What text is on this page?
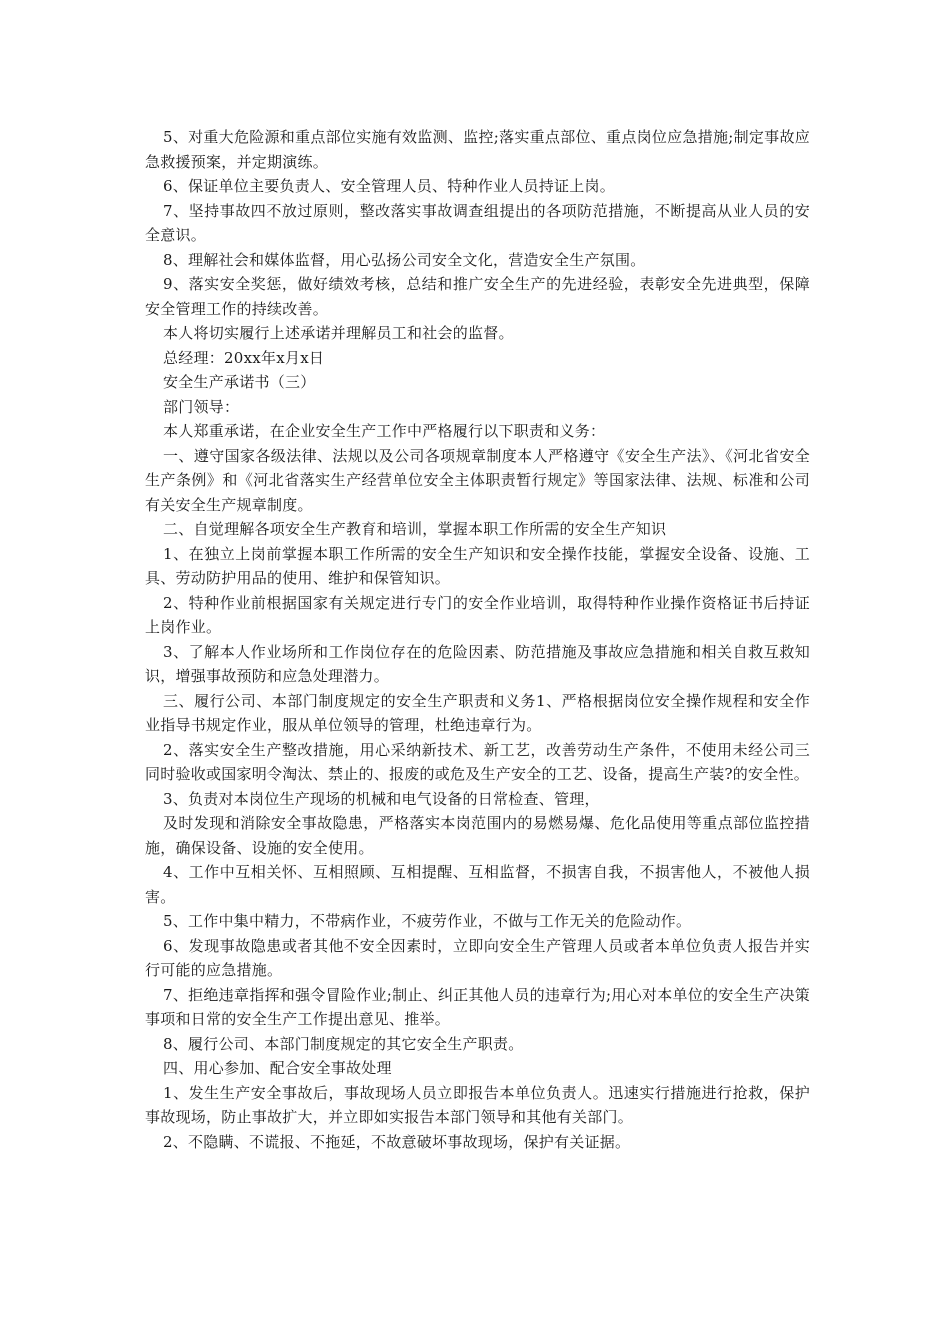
5、对重大危险源和重点部位实施有效监测、监控;落实重点部位、重点岗位应急措施;制定事故应急救援预案，并定期演练。

6、保证单位主要负责人、安全管理人员、特种作业人员持证上岗。

7、坚持事故四不放过原则，整改落实事故调查组提出的各项防范措施，不断提高从业人员的安全意识。

8、理解社会和媒体监督，用心弘扬公司安全文化，营造安全生产氛围。

9、落实安全奖惩，做好绩效考核，总结和推广安全生产的先进经验，表彰安全先进典型，保障安全管理工作的持续改善。

本人将切实履行上述承诺并理解员工和社会的监督。

总经理：20xx年x月x日

安全生产承诺书（三）

部门领导：

本人郑重承诺，在企业安全生产工作中严格履行以下职责和义务：

一、遵守国家各级法律、法规以及公司各项规章制度本人严格遵守《安全生产法》、《河北省安全生产条例》和《河北省落实生产经营单位安全主体职责暂行规定》等国家法律、法规、标准和公司有关安全生产规章制度。

二、自觉理解各项安全生产教育和培训，掌握本职工作所需的安全生产知识

1、在独立上岗前掌握本职工作所需的安全生产知识和安全操作技能，掌握安全设备、设施、工具、劳动防护用品的使用、维护和保管知识。

2、特种作业前根据国家有关规定进行专门的安全作业培训，取得特种作业操作资格证书后持证上岗作业。

3、了解本人作业场所和工作岗位存在的危险因素、防范措施及事故应急措施和相关自救互救知识，增强事故预防和应急处理潜力。

三、履行公司、本部门制度规定的安全生产职责和义务1、严格根据岗位安全操作规程和安全作业指导书规定作业，服从单位领导的管理，杜绝违章行为。

2、落实安全生产整改措施，用心采纳新技术、新工艺，改善劳动生产条件，不使用未经公司三同时验收或国家明令淘汰、禁止的、报废的或危及生产安全的工艺、设备，提高生产装?的安全性。

3、负责对本岗位生产现场的机械和电气设备的日常检查、管理，

及时发现和消除安全事故隐患，严格落实本岗范围内的易燃易爆、危化品使用等重点部位监控措施，确保设备、设施的安全使用。

4、工作中互相关怀、互相照顾、互相提醒、互相监督，不损害自我，不损害他人，不被他人损害。

5、工作中集中精力，不带病作业，不疲劳作业，不做与工作无关的危险动作。

6、发现事故隐患或者其他不安全因素时，立即向安全生产管理人员或者本单位负责人报告并实行可能的应急措施。

7、拒绝违章指挥和强令冒险作业;制止、纠正其他人员的违章行为;用心对本单位的安全生产决策事项和日常的安全生产工作提出意见、推举。

8、履行公司、本部门制度规定的其它安全生产职责。

四、用心参加、配合安全事故处理

1、发生生产安全事故后，事故现场人员立即报告本单位负责人。迅速实行措施进行抢救，保护事故现场，防止事故扩大，并立即如实报告本部门领导和其他有关部门。

2、不隐瞒、不谎报、不拖延，不故意破坏事故现场，保护有关证据。
